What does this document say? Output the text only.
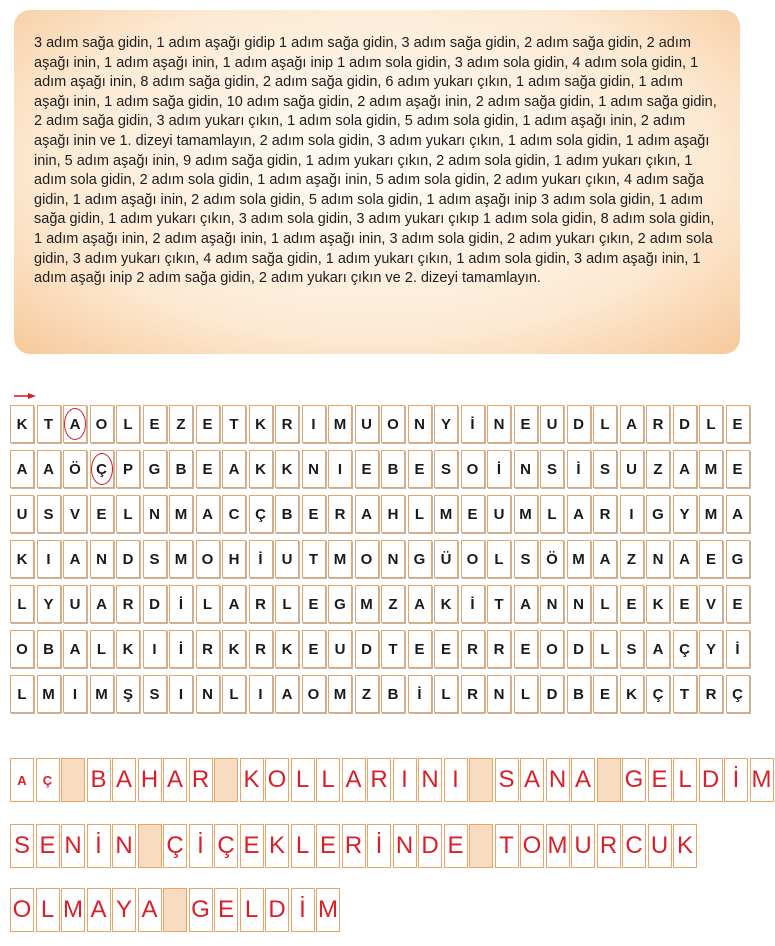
3 adım sağa gidin, 1 adım aşağı gidip 1 adım sağa gidin, 3 adım sağa gidin, 2 adım sağa gidin, 2 adım aşağı inin, 1 adım aşağı inin, 1 adım aşağı inip 1 adım sola gidin, 3 adım sola gidin, 4 adım sola gidin, 1 adım aşağı inin, 8 adım sağa gidin, 2 adım sağa gidin, 6 adım yukarı çıkın, 1 adım sağa gidin, 1 adım aşağı inin, 1 adım sağa gidin, 10 adım sağa gidin, 2 adım aşağı inin, 2 adım sağa gidin, 1 adım sağa gidin, 2 adım sağa gidin, 3 adım yukarı çıkın, 1 adım sola gidin, 5 adım sola gidin, 1 adım aşağı inin, 2 adım aşağı inin ve 1. dizeyi tamamlayın, 2 adım sola gidin, 3 adım yukarı çıkın, 1 adım sola gidin, 1 adım aşağı inin, 5 adım aşağı inin, 9 adım sağa gidin, 1 adım yukarı çıkın, 2 adım sola gidin, 1 adım yukarı çıkın, 1 adım sola gidin, 2 adım sola gidin, 1 adım aşağı inin, 5 adım sola gidin, 2 adım yukarı çıkın, 4 adım sağa gidin, 1 adım aşağı inin, 2 adım sola gidin, 5 adım sola gidin, 1 adım aşağı inip 3 adım sola gidin, 1 adım sağa gidin, 1 adım yukarı çıkın, 3 adım sola gidin, 3 adım yukarı çıkıp 1 adım sola gidin, 8 adım sola gidin, 1 adım aşağı inin, 2 adım aşağı inin, 1 adım aşağı inin, 3 adım sola gidin, 2 adım yukarı çıkın, 2 adım sola gidin, 3 adım yukarı çıkın, 4 adım sağa gidin, 1 adım yukarı çıkın, 1 adım sola gidin, 3 adım aşağı inin, 1 adım aşağı inip 2 adım sağa gidin, 2 adım yukarı çıkın ve 2. dizeyi tamamlayın.

K T A O L E Z E T K R I M U O N Y İ N E U D L A R D L E
A A Ö Ç P G B E A K K N I E B E S O İ N S İ S U Z A M E
U S V E L N M A C Ç B E R A H L M E U M L A R I G Y M A
K I A N D S M O H İ U T M O N G Ü O L S Ö M A Z N A E G
L Y U A R D İ L A R L E G M Z A K İ T A N N L E K E V E
O B A L K I İ R K R K E U D T E E R R E O D L S A Ç Y İ
L M I M Ş S I N L I A O M Z B İ L R N L D B E K Ç T R Ç
A	Ç	B A H A R K O L L A R I N I	S A N A G E L D İ M
S E N İ N Ç İ Ç E K L E R İ N D E T O M U R C U K
O L M A Y A G E L D İ M
